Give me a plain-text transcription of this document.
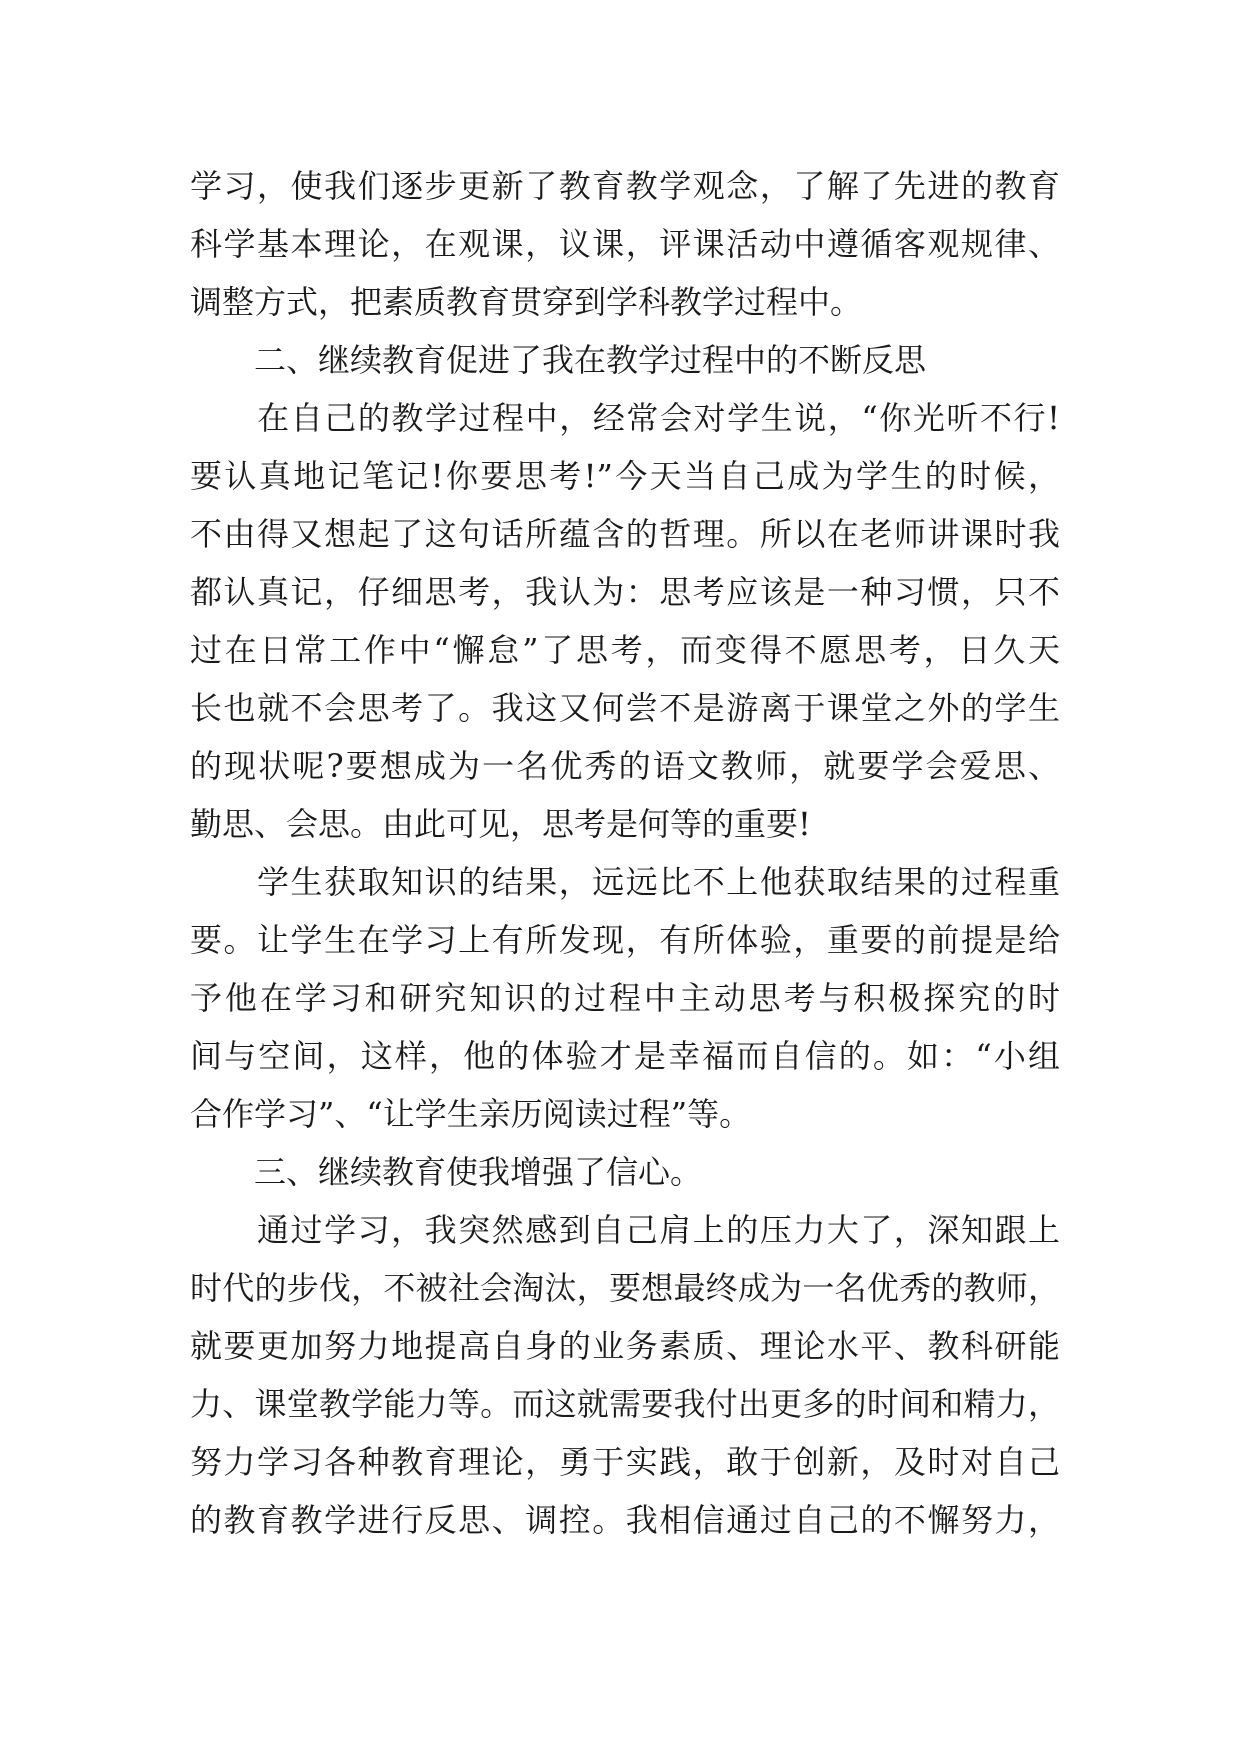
学习，使我们逐步更新了教育教学观念，了解了先进的教育
科学基本理论，在观课，议课，评课活动中遵循客观规律、
调整方式，把素质教育贯穿到学科教学过程中。
　　二、继续教育促进了我在教学过程中的不断反思
　　在自己的教学过程中，经常会对学生说，“你光听不行!
要认真地记笔记!你要思考!”今天当自己成为学生的时候，
不由得又想起了这句话所蕴含的哲理。所以在老师讲课时我
都认真记，仔细思考，我认为：思考应该是一种习惯，只不
过在日常工作中“懈怠”了思考，而变得不愿思考，日久天
长也就不会思考了。我这又何尝不是游离于课堂之外的学生
的现状呢?要想成为一名优秀的语文教师，就要学会爱思、
勤思、会思。由此可见，思考是何等的重要!
　　学生获取知识的结果，远远比不上他获取结果的过程重
要。让学生在学习上有所发现，有所体验，重要的前提是给
予他在学习和研究知识的过程中主动思考与积极探究的时
间与空间，这样，他的体验才是幸福而自信的。如：“小组
合作学习”、“让学生亲历阅读过程”等。
　　三、继续教育使我增强了信心。
　　通过学习，我突然感到自己肩上的压力大了，深知跟上
时代的步伐，不被社会淘汰，要想最终成为一名优秀的教师，
就要更加努力地提高自身的业务素质、理论水平、教科研能
力、课堂教学能力等。而这就需要我付出更多的时间和精力，
努力学习各种教育理论，勇于实践，敢于创新，及时对自己
的教育教学进行反思、调控。我相信通过自己的不懈努力，
